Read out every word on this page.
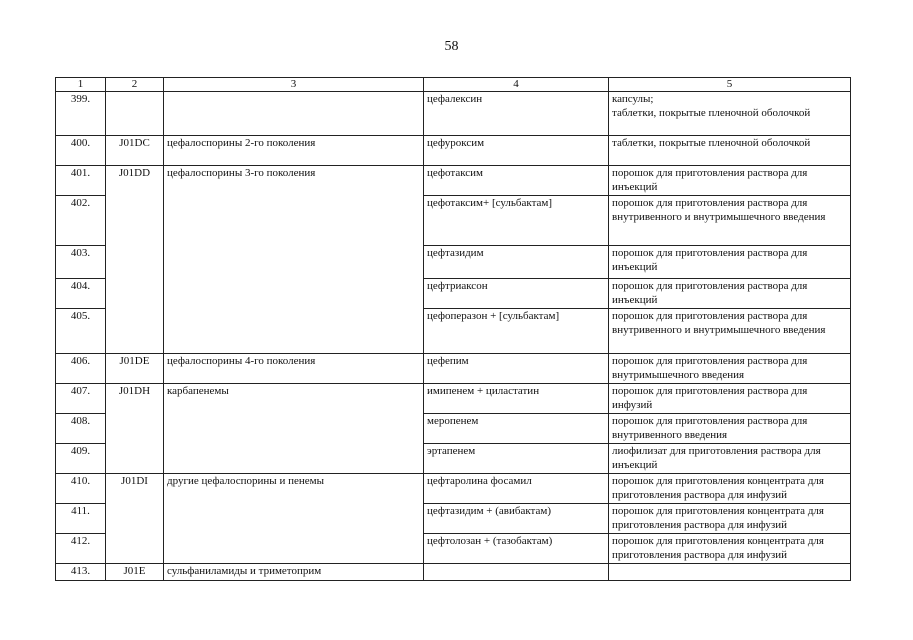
58
1	2	3	4	5
399.			цефалексин	капсулы;
таблетки, покрытые пленочной оболочкой
400.	J01DC	цефалоспорины 2-го поколения	цефуроксим	таблетки, покрытые пленочной оболочкой
401.	J01DD	цефалоспорины 3-го поколения	цефотаксим	порошок для приготовления раствора для инъекций
402.			цефотаксим+ [сульбактам]	порошок для приготовления раствора для внутривенного и внутримышечного введения
403.			цефтазидим	порошок для приготовления раствора для инъекций
404.			цефтриаксон	порошок для приготовления раствора для инъекций
405.			цефоперазон + [сульбактам]	порошок для приготовления раствора для внутривенного и внутримышечного введения
406.	J01DE	цефалоспорины 4-го поколения	цефепим	порошок для приготовления раствора для внутримышечного введения
407.	J01DH	карбапенемы	имипенем + циластатин	порошок для приготовления раствора для инфузий
408.			меропенем	порошок для приготовления раствора для внутривенного введения
409.			эртапенем	лиофилизат для приготовления раствора для инъекций
410.	J01DI	другие цефалоспорины и пенемы	цефтаролина фосамил	порошок для приготовления концентрата для приготовления раствора для инфузий
411.			цефтазидим + (авибактам)	порошок для приготовления концентрата для приготовления раствора для инфузий
412.			цефтолозан + (тазобактам)	порошок для приготовления концентрата для приготовления раствора для инфузий
413.	J01E	сульфаниламиды и триметоприм		
